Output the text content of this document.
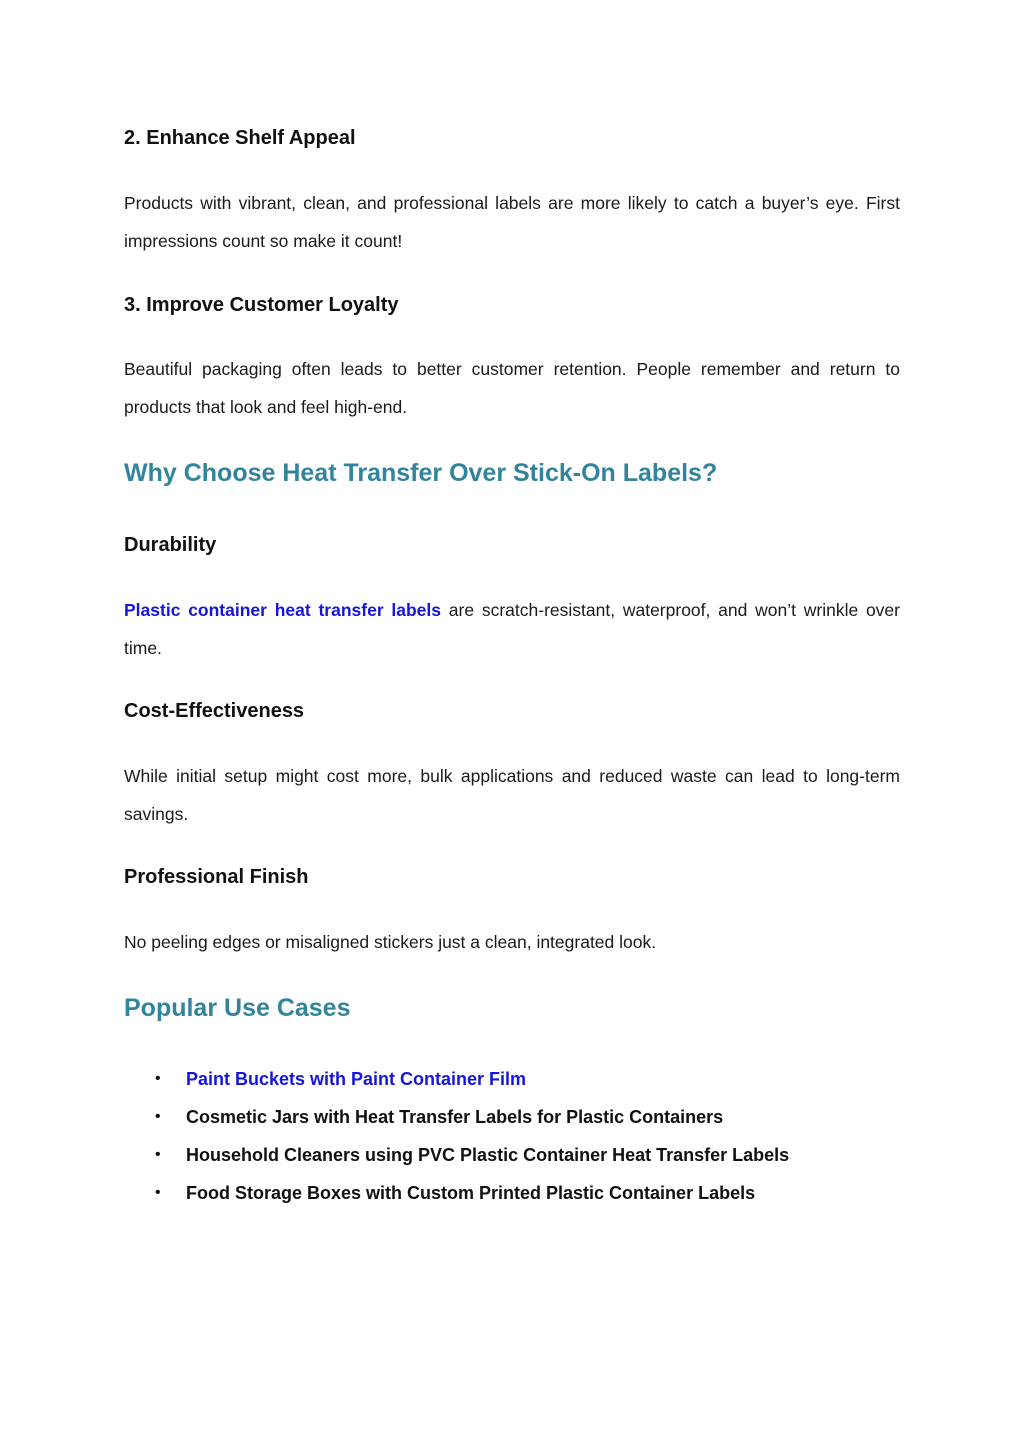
2. Enhance Shelf Appeal

Products with vibrant, clean, and professional labels are more likely to catch a buyer’s eye. First impressions count so make it count!

3. Improve Customer Loyalty

Beautiful packaging often leads to better customer retention. People remember and return to products that look and feel high-end.

Why Choose Heat Transfer Over Stick-On Labels?
Durability

Plastic container heat transfer labels are scratch-resistant, waterproof, and won’t wrinkle over time.

Cost-Effectiveness

While initial setup might cost more, bulk applications and reduced waste can lead to long-term savings.

Professional Finish

No peeling edges or misaligned stickers just a clean, integrated look.

Popular Use Cases
• Paint Buckets with Paint Container Film
• Cosmetic Jars with Heat Transfer Labels for Plastic Containers
• Household Cleaners using PVC Plastic Container Heat Transfer Labels
• Food Storage Boxes with Custom Printed Plastic Container Labels
